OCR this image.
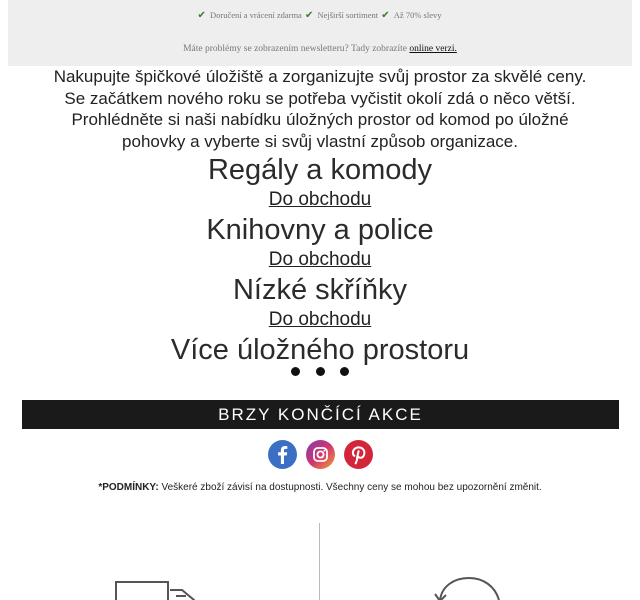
✔ Doručení a vrácení zdarma ✔ Nejširší sortiment ✔ Až 70% slevy
Máte problémy se zobrazením newsletteru? Tady zobrazíte online verzi.
Nakupujte špičkové úložiště a zorganizujte svůj prostor za skvělé ceny.
Se začátkem nového roku se potřeba vyčistit okolí zdá o něco větší.
Prohlédněte si naši nabídku úložných prostor od komod po úložné
pohovky a vyberte si svůj vlastní způsob organizace.
Regály a komody
Do obchodu
Knihovny a police
Do obchodu
Nízké skříňky
Do obchodu
Více úložného prostoru
BRZY KONČÍCÍ AKCE
*PODMÍNKY: Veškeré zboží závisí na dostupnosti. Všechny ceny se mohou bez upozornění změnit.
